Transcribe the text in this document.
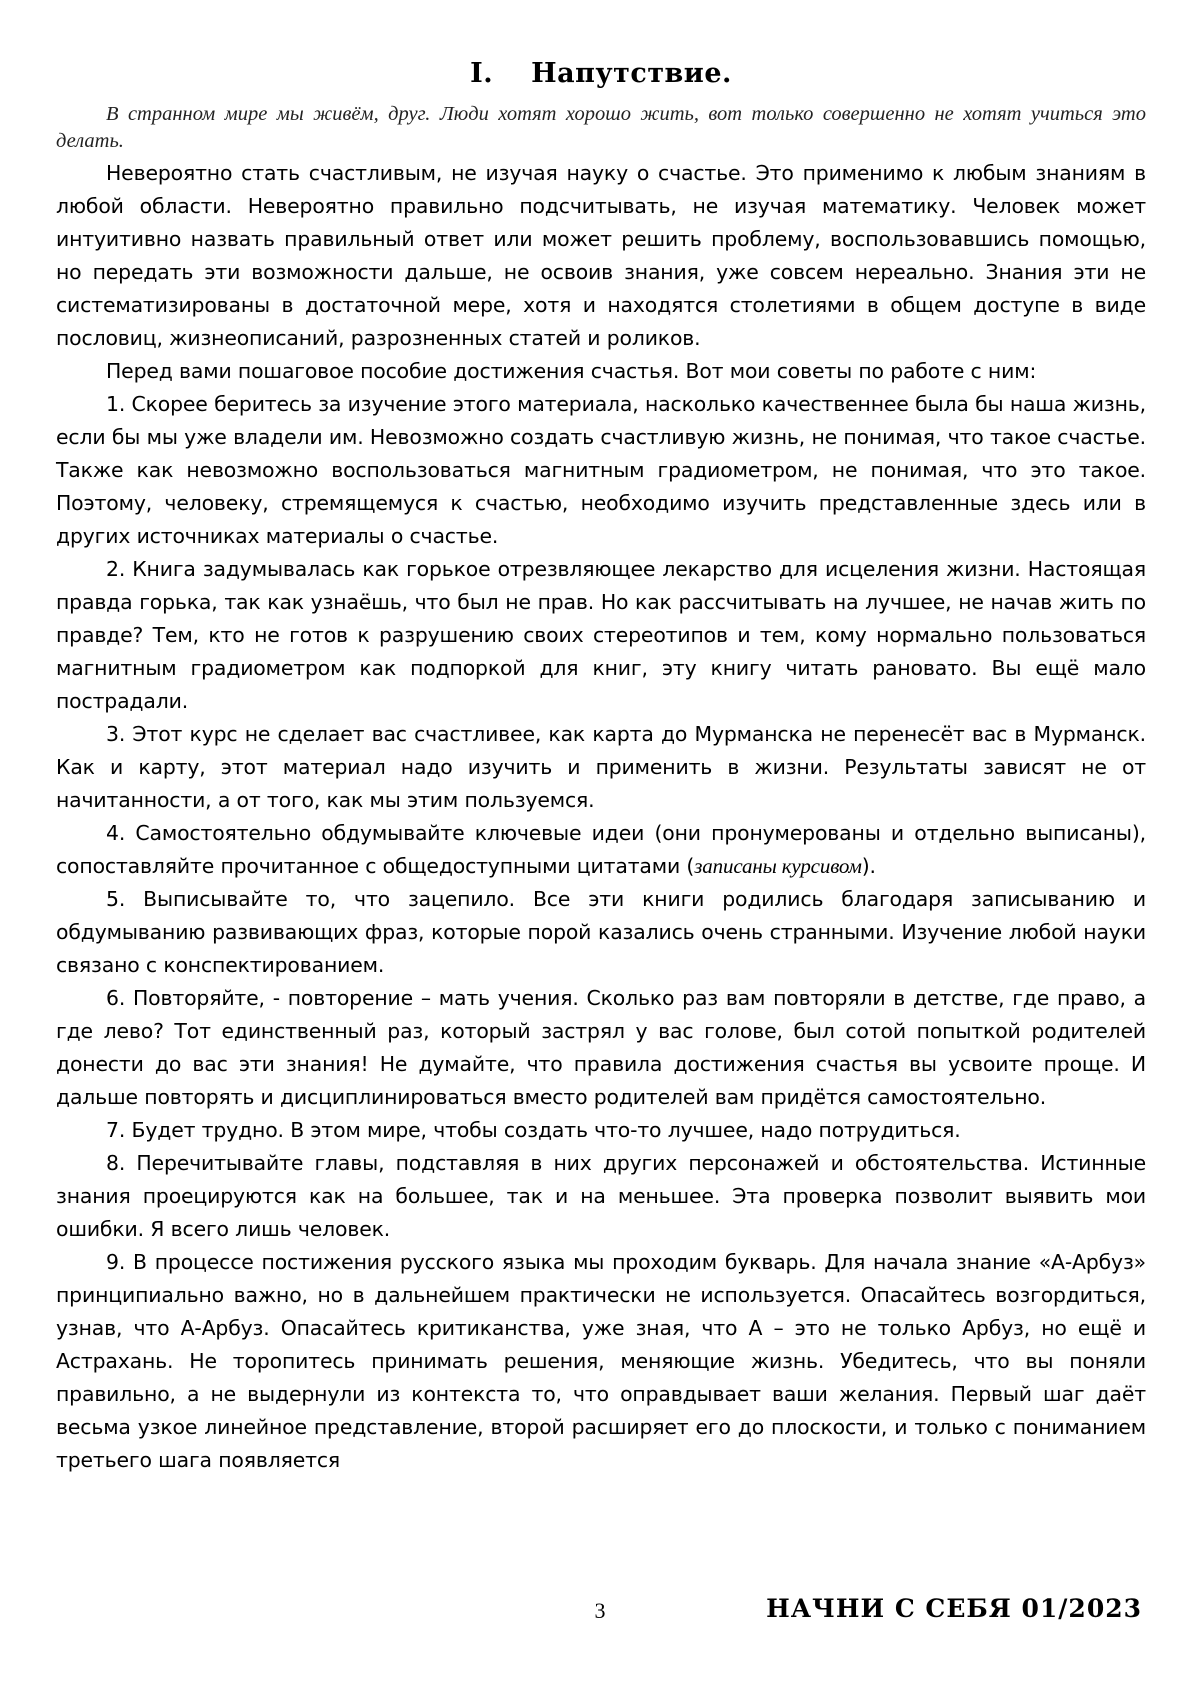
I. Напутствие.

В странном мире мы живём, друг. Люди хотят хорошо жить, вот только совершенно не хотят учиться это делать.

Невероятно стать счастливым, не изучая науку о счастье. Это применимо к любым знаниям в любой области. Невероятно правильно подсчитывать, не изучая математику. Человек может интуитивно назвать правильный ответ или может решить проблему, воспользовавшись помощью, но передать эти возможности дальше, не освоив знания, уже совсем нереально. Знания эти не систематизированы в достаточной мере, хотя и находятся столетиями в общем доступе в виде пословиц, жизнеописаний, разрозненных статей и роликов.

Перед вами пошаговое пособие достижения счастья. Вот мои советы по работе с ним:

1. Скорее беритесь за изучение этого материала, насколько качественнее была бы наша жизнь, если бы мы уже владели им. Невозможно создать счастливую жизнь, не понимая, что такое счастье. Также как невозможно воспользоваться магнитным градиометром, не понимая, что это такое. Поэтому, человеку, стремящемуся к счастью, необходимо изучить представленные здесь или в других источниках материалы о счастье.

2. Книга задумывалась как горькое отрезвляющее лекарство для исцеления жизни. Настоящая правда горька, так как узнаёшь, что был не прав. Но как рассчитывать на лучшее, не начав жить по правде? Тем, кто не готов к разрушению своих стереотипов и тем, кому нормально пользоваться магнитным градиометром как подпоркой для книг, эту книгу читать рановато. Вы ещё мало пострадали.

3. Этот курс не сделает вас счастливее, как карта до Мурманска не перенесёт вас в Мурманск. Как и карту, этот материал надо изучить и применить в жизни. Результаты зависят не от начитанности, а от того, как мы этим пользуемся.

4. Самостоятельно обдумывайте ключевые идеи (они пронумерованы и отдельно выписаны), сопоставляйте прочитанное с общедоступными цитатами (записаны курсивом).

5. Выписывайте то, что зацепило. Все эти книги родились благодаря записыванию и обдумыванию развивающих фраз, которые порой казались очень странными. Изучение любой науки связано с конспектированием.

6. Повторяйте, - повторение – мать учения. Сколько раз вам повторяли в детстве, где право, а где лево? Тот единственный раз, который застрял у вас голове, был сотой попыткой родителей донести до вас эти знания! Не думайте, что правила достижения счастья вы усвоите проще. И дальше повторять и дисциплинироваться вместо родителей вам придётся самостоятельно.

7. Будет трудно. В этом мире, чтобы создать что-то лучшее, надо потрудиться.

8. Перечитывайте главы, подставляя в них других персонажей и обстоятельства. Истинные знания проецируются как на большее, так и на меньшее. Эта проверка позволит выявить мои ошибки. Я всего лишь человек.

9. В процессе постижения русского языка мы проходим букварь. Для начала знание «А-Арбуз» принципиально важно, но в дальнейшем практически не используется. Опасайтесь возгордиться, узнав, что А-Арбуз. Опасайтесь критиканства, уже зная, что А – это не только Арбуз, но ещё и Астрахань. Не торопитесь принимать решения, меняющие жизнь. Убедитесь, что вы поняли правильно, а не выдернули из контекста то, что оправдывает ваши желания. Первый шаг даёт весьма узкое линейное представление, второй расширяет его до плоскости, и только с пониманием третьего шага появляется

3	НАЧНИ С СЕБЯ 01/2023
